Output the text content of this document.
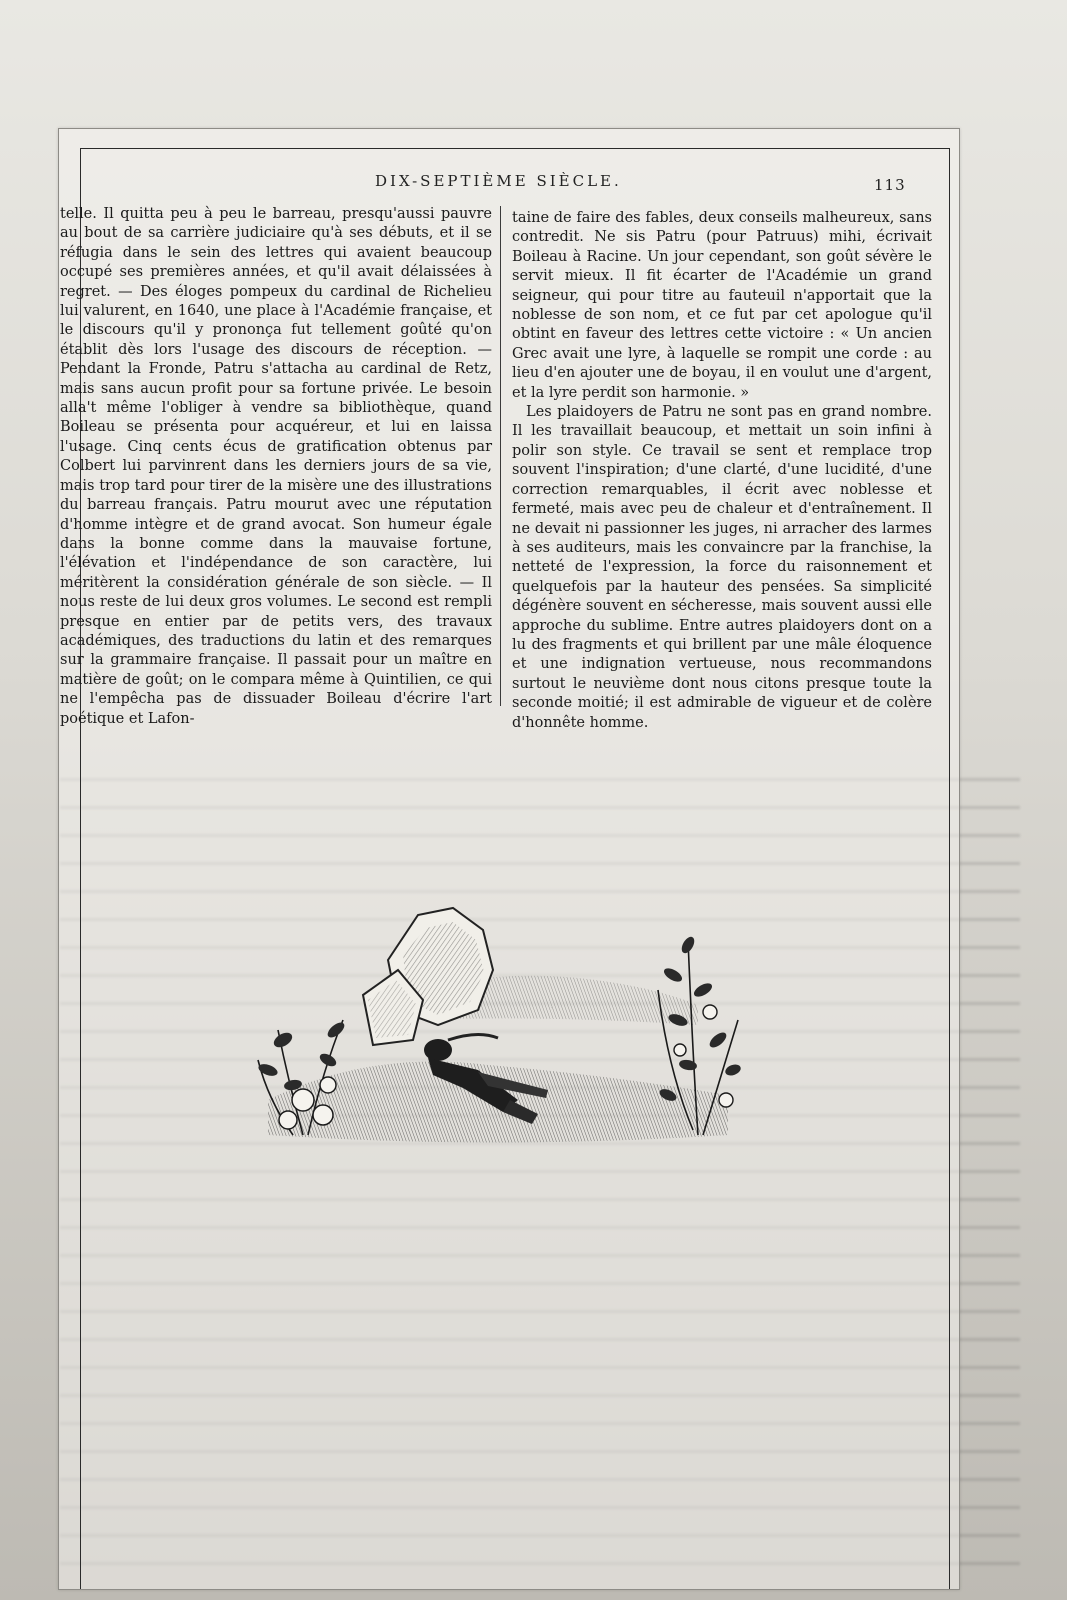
DIX-SEPTIÈME SIÈCLE.	113

telle. Il quitta peu à peu le barreau, presqu'aussi pauvre au bout de sa carrière judiciaire qu'à ses débuts, et il se réfugia dans le sein des lettres qui avaient beaucoup occupé ses premières années, et qu'il avait délaissées à regret. — Des éloges pompeux du cardinal de Richelieu lui valurent, en 1640, une place à l'Académie française, et le discours qu'il y prononça fut tellement goûté qu'on établit dès lors l'usage des discours de réception. — Pendant la Fronde, Patru s'attacha au cardinal de Retz, mais sans aucun profit pour sa fortune privée. Le besoin alla't même l'obliger à vendre sa bibliothèque, quand Boileau se présenta pour acquéreur, et lui en laissa l'usage. Cinq cents écus de gratification obtenus par Colbert lui parvinrent dans les derniers jours de sa vie, mais trop tard pour tirer de la misère une des illustrations du barreau français. Patru mourut avec une réputation d'homme intègre et de grand avocat. Son humeur égale dans la bonne comme dans la mauvaise fortune, l'élévation et l'indépendance de son caractère, lui méritèrent la considération générale de son siècle. — Il nous reste de lui deux gros volumes. Le second est rempli presque en entier par de petits vers, des travaux académiques, des traductions du latin et des remarques sur la grammaire française. Il passait pour un maître en matière de goût; on le compara même à Quintilien, ce qui ne l'empêcha pas de dissuader Boileau d'écrire l'art poétique et Lafon-

taine de faire des fables, deux conseils malheureux, sans contredit. Ne sis Patru (pour Patruus) mihi, écrivait Boileau à Racine. Un jour cependant, son goût sévère le servit mieux. Il fit écarter de l'Académie un grand seigneur, qui pour titre au fauteuil n'apportait que la noblesse de son nom, et ce fut par cet apologue qu'il obtint en faveur des lettres cette victoire : « Un ancien Grec avait une lyre, à laquelle se rompit une corde : au lieu d'en ajouter une de boyau, il en voulut une d'argent, et la lyre perdit son harmonie. »

Les plaidoyers de Patru ne sont pas en grand nombre. Il les travaillait beaucoup, et mettait un soin infini à polir son style. Ce travail se sent et remplace trop souvent l'inspiration; d'une clarté, d'une lucidité, d'une correction remarquables, il écrit avec noblesse et fermeté, mais avec peu de chaleur et d'entraînement. Il ne devait ni passionner les juges, ni arracher des larmes à ses auditeurs, mais les convaincre par la franchise, la netteté de l'expression, la force du raisonnement et quelquefois par la hauteur des pensées. Sa simplicité dégénère souvent en sécheresse, mais souvent aussi elle approche du sublime. Entre autres plaidoyers dont on a lu des fragments et qui brillent par une mâle éloquence et une indignation vertueuse, nous recommandons surtout le neuvième dont nous citons presque toute la seconde moitié; il est admirable de vigueur et de colère d'honnête homme.
